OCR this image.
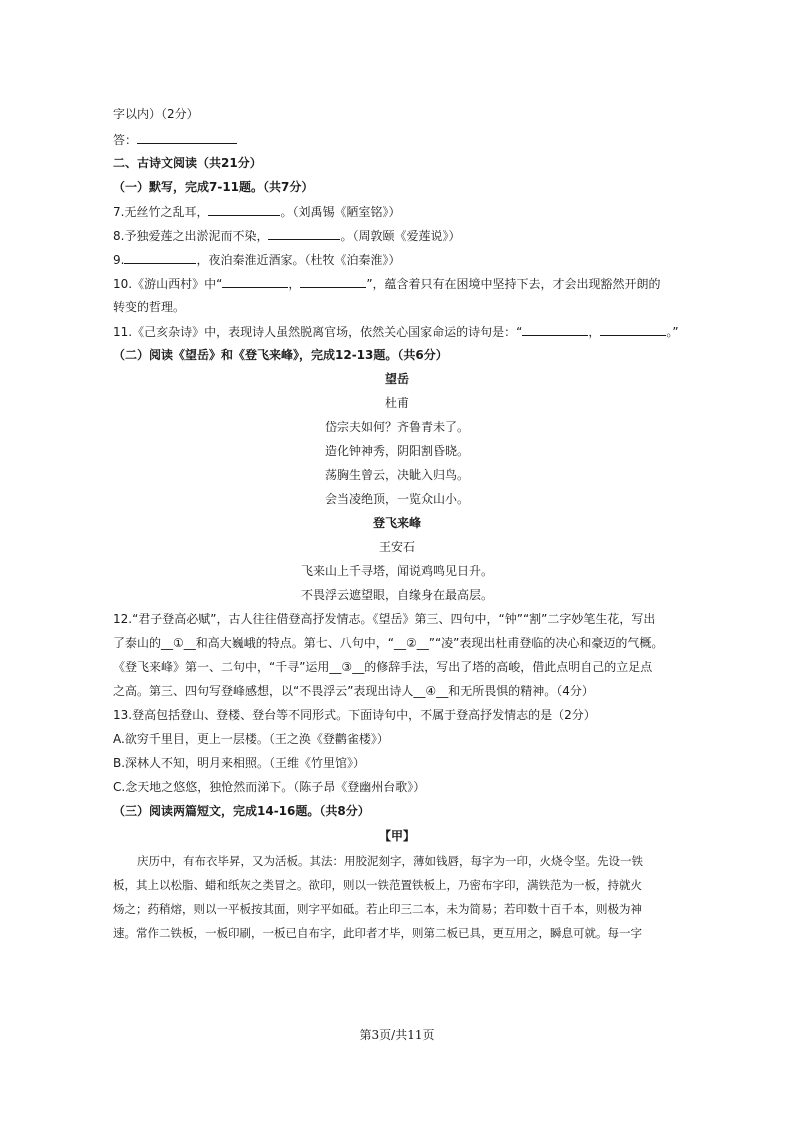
字以内）（2分）
答：
二、古诗文阅读（共21分）
（一）默写，完成7-11题。（共7分）
7.无丝竹之乱耳，	。（刘禹锡《陋室铭》）
8.予独爱莲之出淤泥而不染，	。（周敦颐《爱莲说》）
9.	，夜泊秦淮近酒家。（杜牧《泊秦淮》）
10.《游山西村》中“	，	”，蕴含着只有在困境中坚持下去，才会出现豁然开朗的
转变的哲理。
11.《己亥杂诗》中，表现诗人虽然脱离官场，依然关心国家命运的诗句是：“	，	。”
（二）阅读《望岳》和《登飞来峰》，完成12-13题。（共6分）
望岳
杜甫
岱宗夫如何？齐鲁青未了。
造化钟神秀，阴阳割昏晓。
荡胸生曾云，决眦入归鸟。
会当凌绝顶，一览众山小。
登飞来峰
王安石
飞来山上千寻塔，闻说鸡鸣见日升。
不畏浮云遮望眼，自缘身在最高层。
12.“君子登高必赋”，古人往往借登高抒发情志。《望岳》第三、四句中，“钟”“割”二字妙笔生花，写出
了泰山的__①__和高大巍峨的特点。第七、八句中，“__②__”“凌”表现出杜甫登临的决心和豪迈的气概。
《登飞来峰》第一、二句中，“千寻”运用__③__的修辞手法，写出了塔的高峻，借此点明自己的立足点
之高。第三、四句写登峰感想，以“不畏浮云”表现出诗人__④__和无所畏惧的精神。（4分）
13.登高包括登山、登楼、登台等不同形式。下面诗句中，不属于登高抒发情志的是（2分）
A.欲穷千里目，更上一层楼。（王之涣《登鹳雀楼》）
B.深林人不知，明月来相照。（王维《竹里馆》）
C.念天地之悠悠，独怆然而涕下。（陈子昂《登幽州台歌》）
（三）阅读两篇短文，完成14-16题。（共8分）
【甲】
庆历中，有布衣毕昇，又为活板。其法：用胶泥刻字，薄如钱唇，每字为一印，火烧令坚。先设一铁
板，其上以松脂、蜡和纸灰之类冒之。欲印，则以一铁范置铁板上，乃密布字印，满铁范为一板，持就火
炀之；药稍熔，则以一平板按其面，则字平如砥。若止印三二本，未为简易；若印数十百千本，则极为神
速。常作二铁板，一板印刷，一板已自布字，此印者才毕，则第二板已具，更互用之，瞬息可就。每一字
第3页/共11页
